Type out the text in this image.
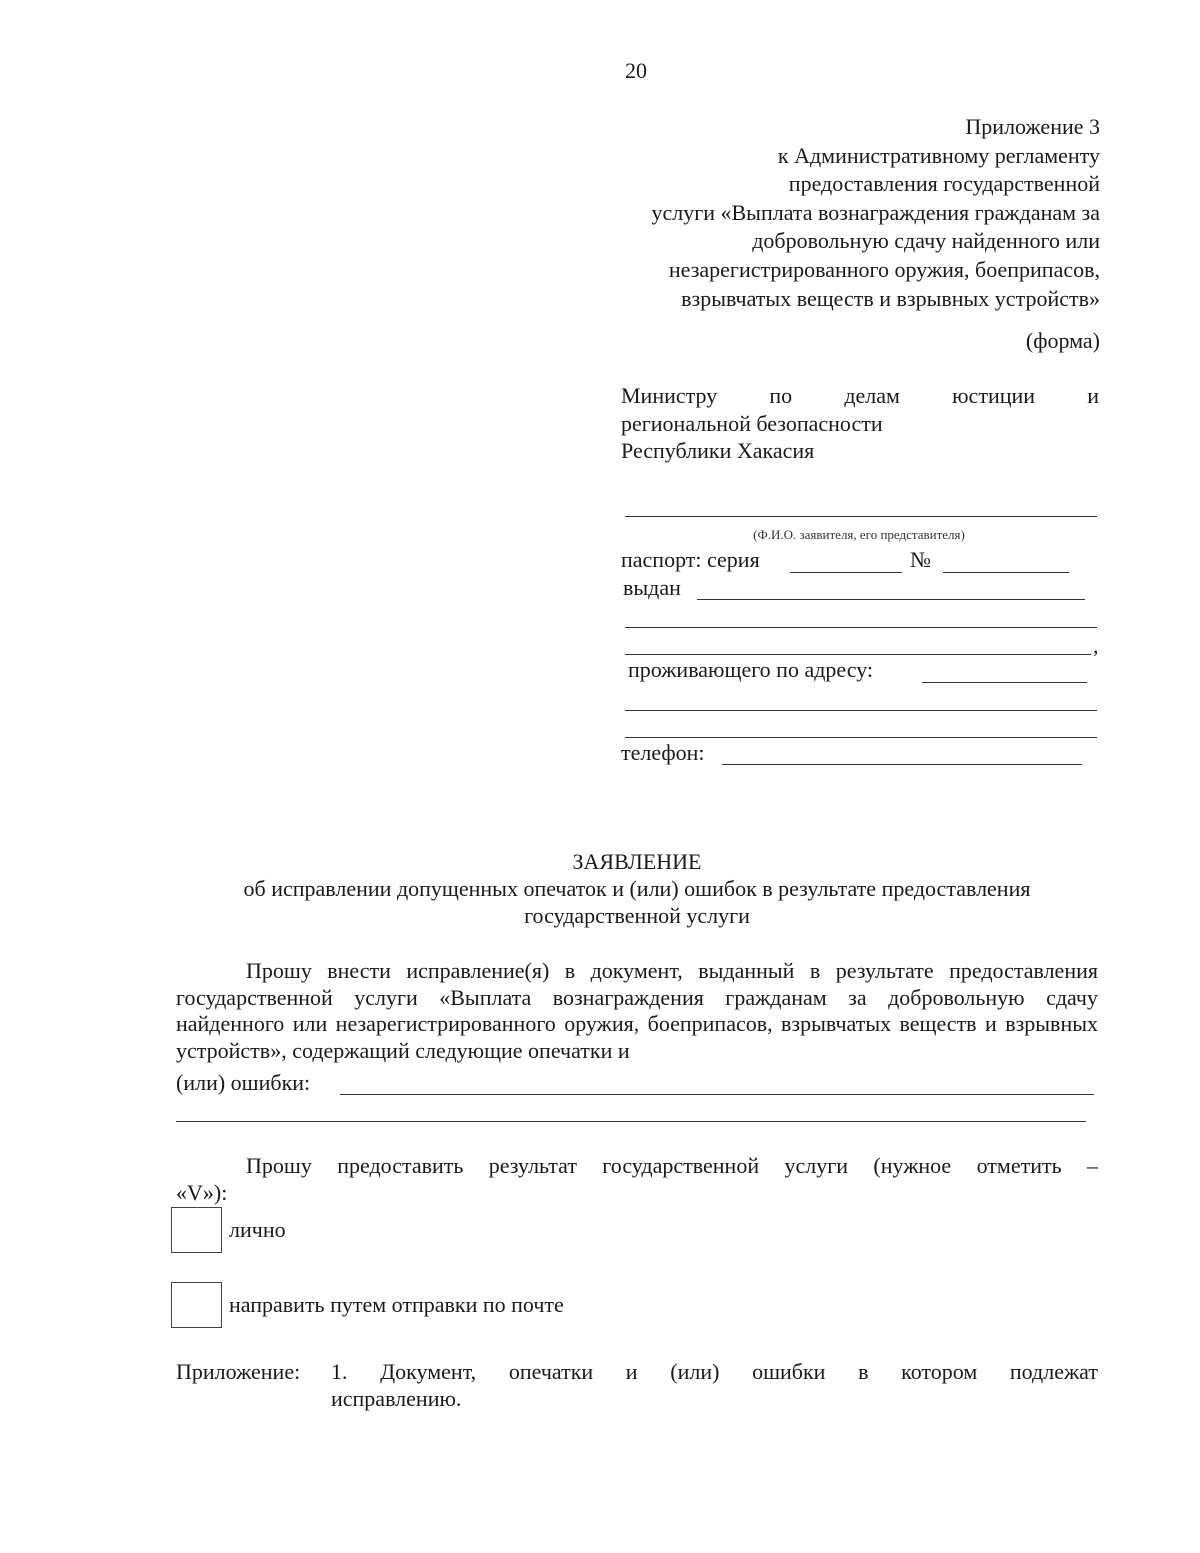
20
Приложение 3
к Административному регламенту
предоставления государственной
услуги «Выплата вознаграждения гражданам за
добровольную сдачу найденного или
незарегистрированного оружия, боеприпасов,
взрывчатых веществ и взрывных устройств»
(форма)
Министру по делам юстиции и
региональной безопасности
Республики Хакасия
(Ф.И.О. заявителя, его представителя)
паспорт: серия	№
выдан
,
проживающего по адресу:
телефон:
ЗАЯВЛЕНИЕ
об исправлении допущенных опечаток и (или) ошибок в результате предоставления
государственной услуги

Прошу внести исправление(я) в документ, выданный в результате предоставления государственной услуги «Выплата вознаграждения гражданам за добровольную сдачу найденного или незарегистрированного оружия, боеприпасов, взрывчатых веществ и взрывных устройств», содержащий следующие опечатки и

(или) ошибки:

Прошу предоставить результат государственной услуги (нужное отметить –

«V»):
лично
направить путем отправки по почте
Приложение:	1. Документ, опечатки и (или) ошибки в котором подлежат
исправлению.
